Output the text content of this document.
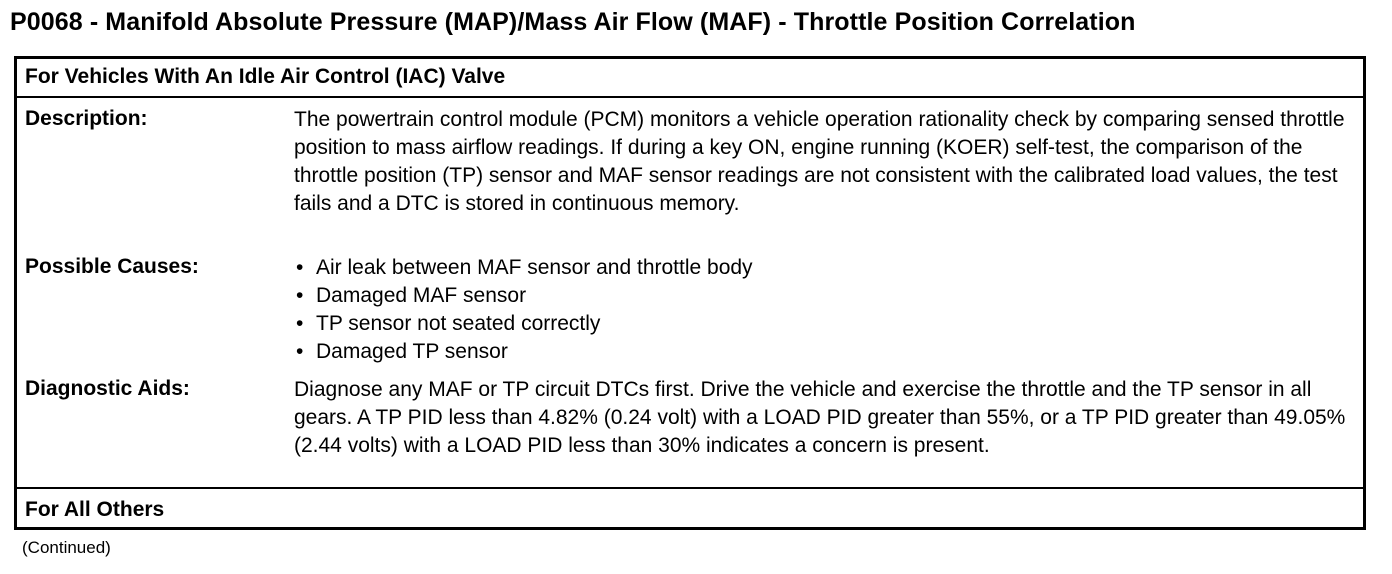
P0068 - Manifold Absolute Pressure (MAP)/Mass Air Flow (MAF) - Throttle Position Correlation
For Vehicles With An Idle Air Control (IAC) Valve
Description:	The powertrain control module (PCM) monitors a vehicle operation rationality check by comparing sensed throttle position to mass airflow readings. If during a key ON, engine running (KOER) self-test, the comparison of the throttle position (TP) sensor and MAF sensor readings are not consistent with the calibrated load values, the test fails and a DTC is stored in continuous memory.
Possible Causes:	• Air leak between MAF sensor and throttle body
• Damaged MAF sensor
• TP sensor not seated correctly
• Damaged TP sensor
Diagnostic Aids:	Diagnose any MAF or TP circuit DTCs first. Drive the vehicle and exercise the throttle and the TP sensor in all gears. A TP PID less than 4.82% (0.24 volt) with a LOAD PID greater than 55%, or a TP PID greater than 49.05% (2.44 volts) with a LOAD PID less than 30% indicates a concern is present.
For All Others
(Continued)
